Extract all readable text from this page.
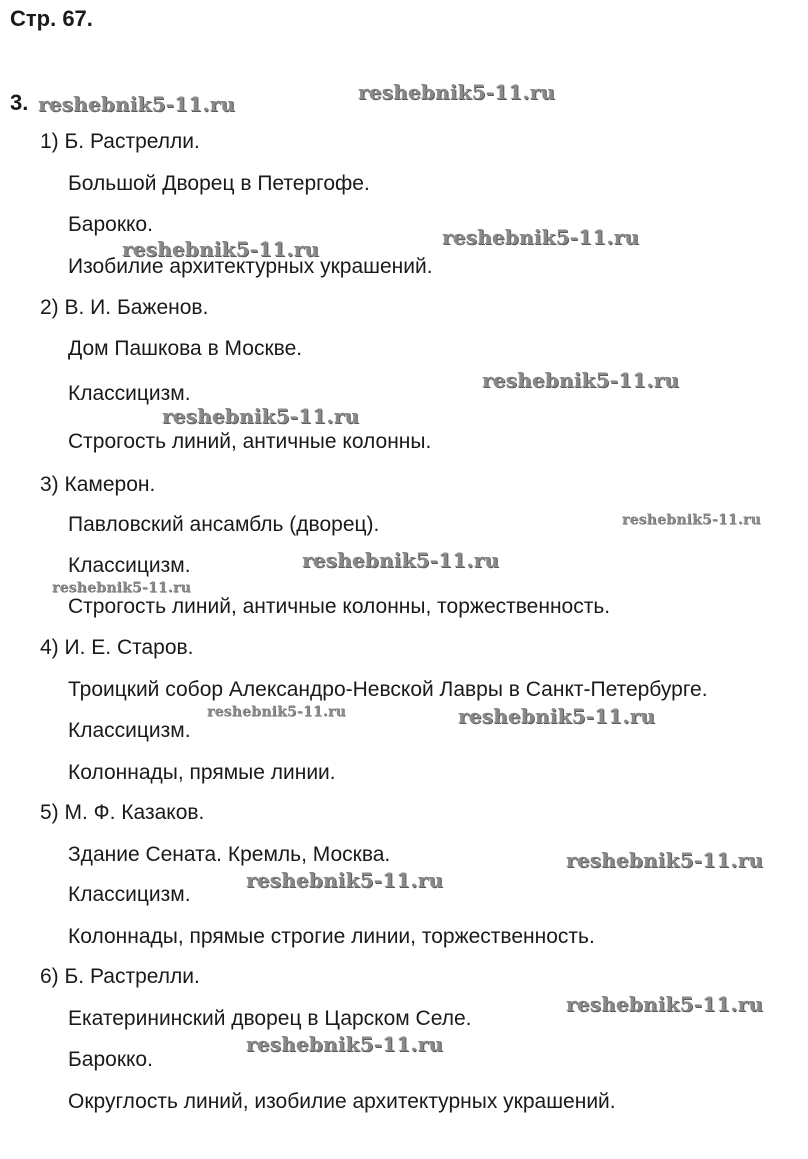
Стр. 67.
3.
1) Б. Растрелли.
Большой Дворец в Петергофе.
Барокко.
Изобилие архитектурных украшений.
2) В. И. Баженов.
Дом Пашкова в Москве.
Классицизм.
Строгость линий, античные колонны.
3) Камерон.
Павловский ансамбль (дворец).
Классицизм.
Строгость линий, античные колонны, торжественность.
4) И. Е. Старов.
Троицкий собор Александро-Невской Лавры в Санкт-Петербурге.
Классицизм.
Колоннады, прямые линии.
5) М. Ф. Казаков.
Здание Сената. Кремль, Москва.
Классицизм.
Колоннады, прямые строгие линии, торжественность.
6) Б. Растрелли.
Екатерининский дворец в Царском Селе.
Барокко.
Округлость линий, изобилие архитектурных украшений.
reshebnik5-11.ru	reshebnik5-11.ru
reshebnik5-11.ru	reshebnik5-11.ru
reshebnik5-11.ru
reshebnik5-11.ru
reshebnik5-11.ru
reshebnik5-11.ru
reshebnik5-11.ru
reshebnik5-11.ru	reshebnik5-11.ru
reshebnik5-11.ru
reshebnik5-11.ru
reshebnik5-11.ru
reshebnik5-11.ru
